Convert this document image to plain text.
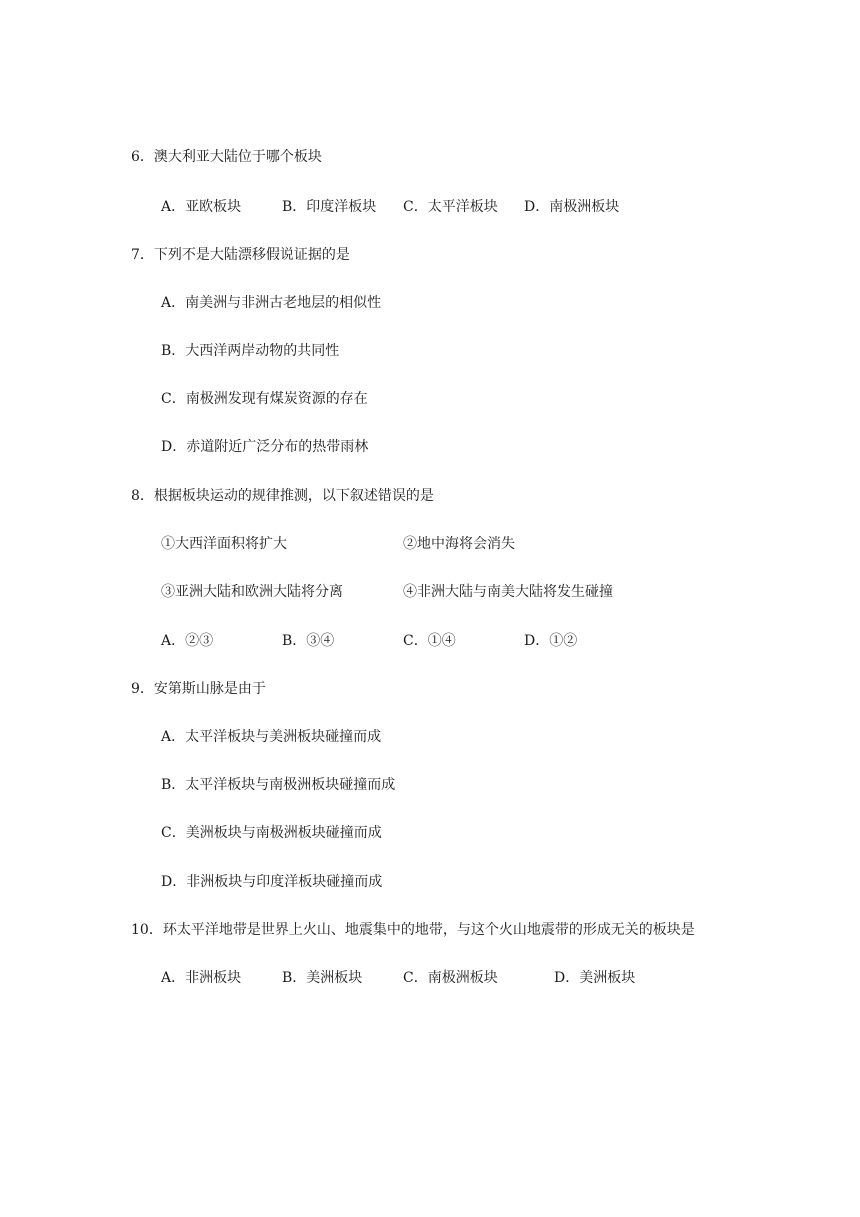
6．澳大利亚大陆位于哪个板块
A．亚欧板块	B．印度洋板块 C．太平洋板块 D．南极洲板块
7．下列不是大陆漂移假说证据的是
A．南美洲与非洲古老地层的相似性
B．大西洋两岸动物的共同性
C．南极洲发现有煤炭资源的存在
D．赤道附近广泛分布的热带雨林
8．根据板块运动的规律推测，以下叙述错误的是
①大西洋面积将扩大	②地中海将会消失
③亚洲大陆和欧洲大陆将分离	④非洲大陆与南美大陆将发生碰撞
A．②③	B．③④	C．①④	D．①②
9．安第斯山脉是由于
A．太平洋板块与美洲板块碰撞而成
B．太平洋板块与南极洲板块碰撞而成
C．美洲板块与南极洲板块碰撞而成
D．非洲板块与印度洋板块碰撞而成
10．环太平洋地带是世界上火山、地震集中的地带，与这个火山地震带的形成无关的板块是
A．非洲板块	B．美洲板块	C．南极洲板块	D．美洲板块
